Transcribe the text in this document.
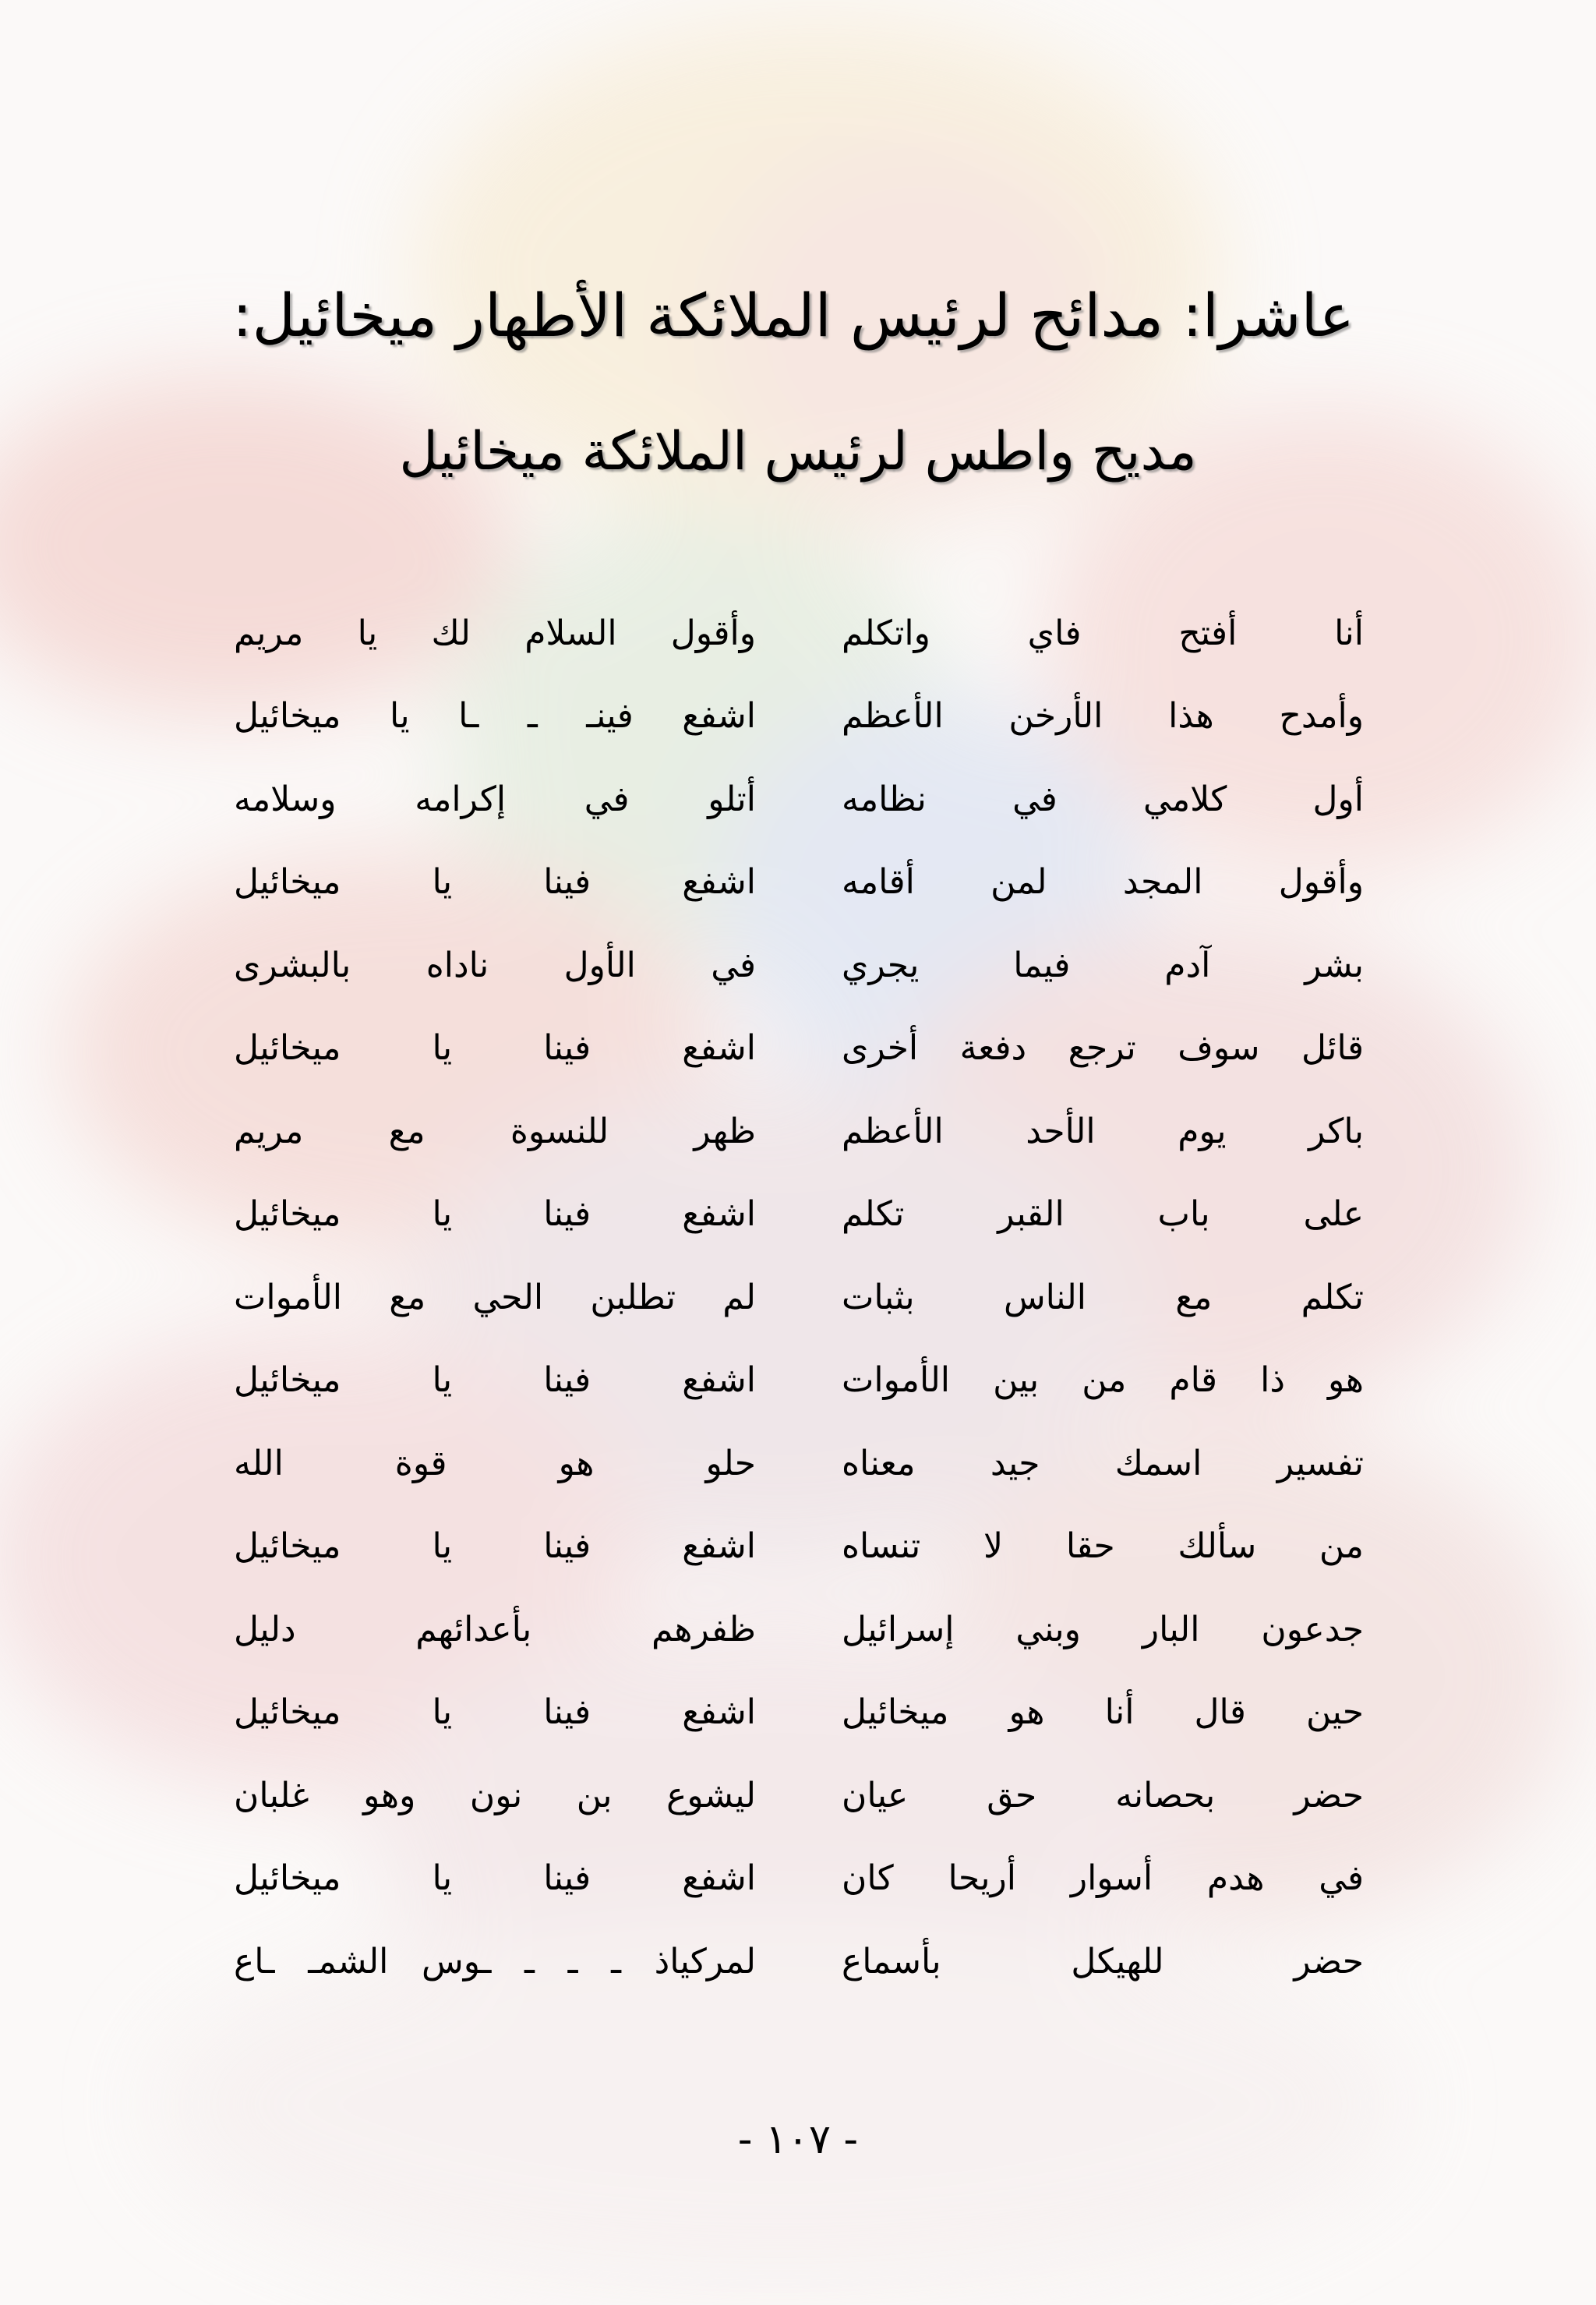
عاشرا: مدائح لرئيس الملائكة الأطهار ميخائيل:
مديح واطس لرئيس الملائكة ميخائيل
أنا أفتح فاي واتكلم
وأقول السلام لك يا مريم
وأمدح هذا الأرخن الأعظم
اشفع فينـ ـ ـا يا ميخائيل
أول كلامي في نظامه
أتلو في إكرامه وسلامه
وأقول المجد لمن أقامه
اشفع فينا يا ميخائيل
بشر آدم فيما يجري
في الأول ناداه بالبشرى
قائل سوف ترجع دفعة أخرى
اشفع فينا يا ميخائيل
باكر يوم الأحد الأعظم
ظهر للنسوة مع مريم
على باب القبر تكلم
اشفع فينا يا ميخائيل
تكلم مع الناس بثبات
لم تطلبن الحي مع الأموات
هو ذا قام من بين الأموات
اشفع فينا يا ميخائيل
تفسير اسمك جيد معناه
حلو هو قوة الله
من سألك حقا لا تنساه
اشفع فينا يا ميخائيل
جدعون البار وبني إسرائيل
ظفرهم بأعدائهم دليل
حين قال أنا هو ميخائيل
اشفع فينا يا ميخائيل
حضر بحصانه حق عيان
ليشوع بن نون وهو غلبان
في هدم أسوار أريحا كان
اشفع فينا يا ميخائيل
حضر للهيكل بأسماع
لمركياذ ـ ـ ـ ـوس الشمـ ـاع
- ١٠٧ -
